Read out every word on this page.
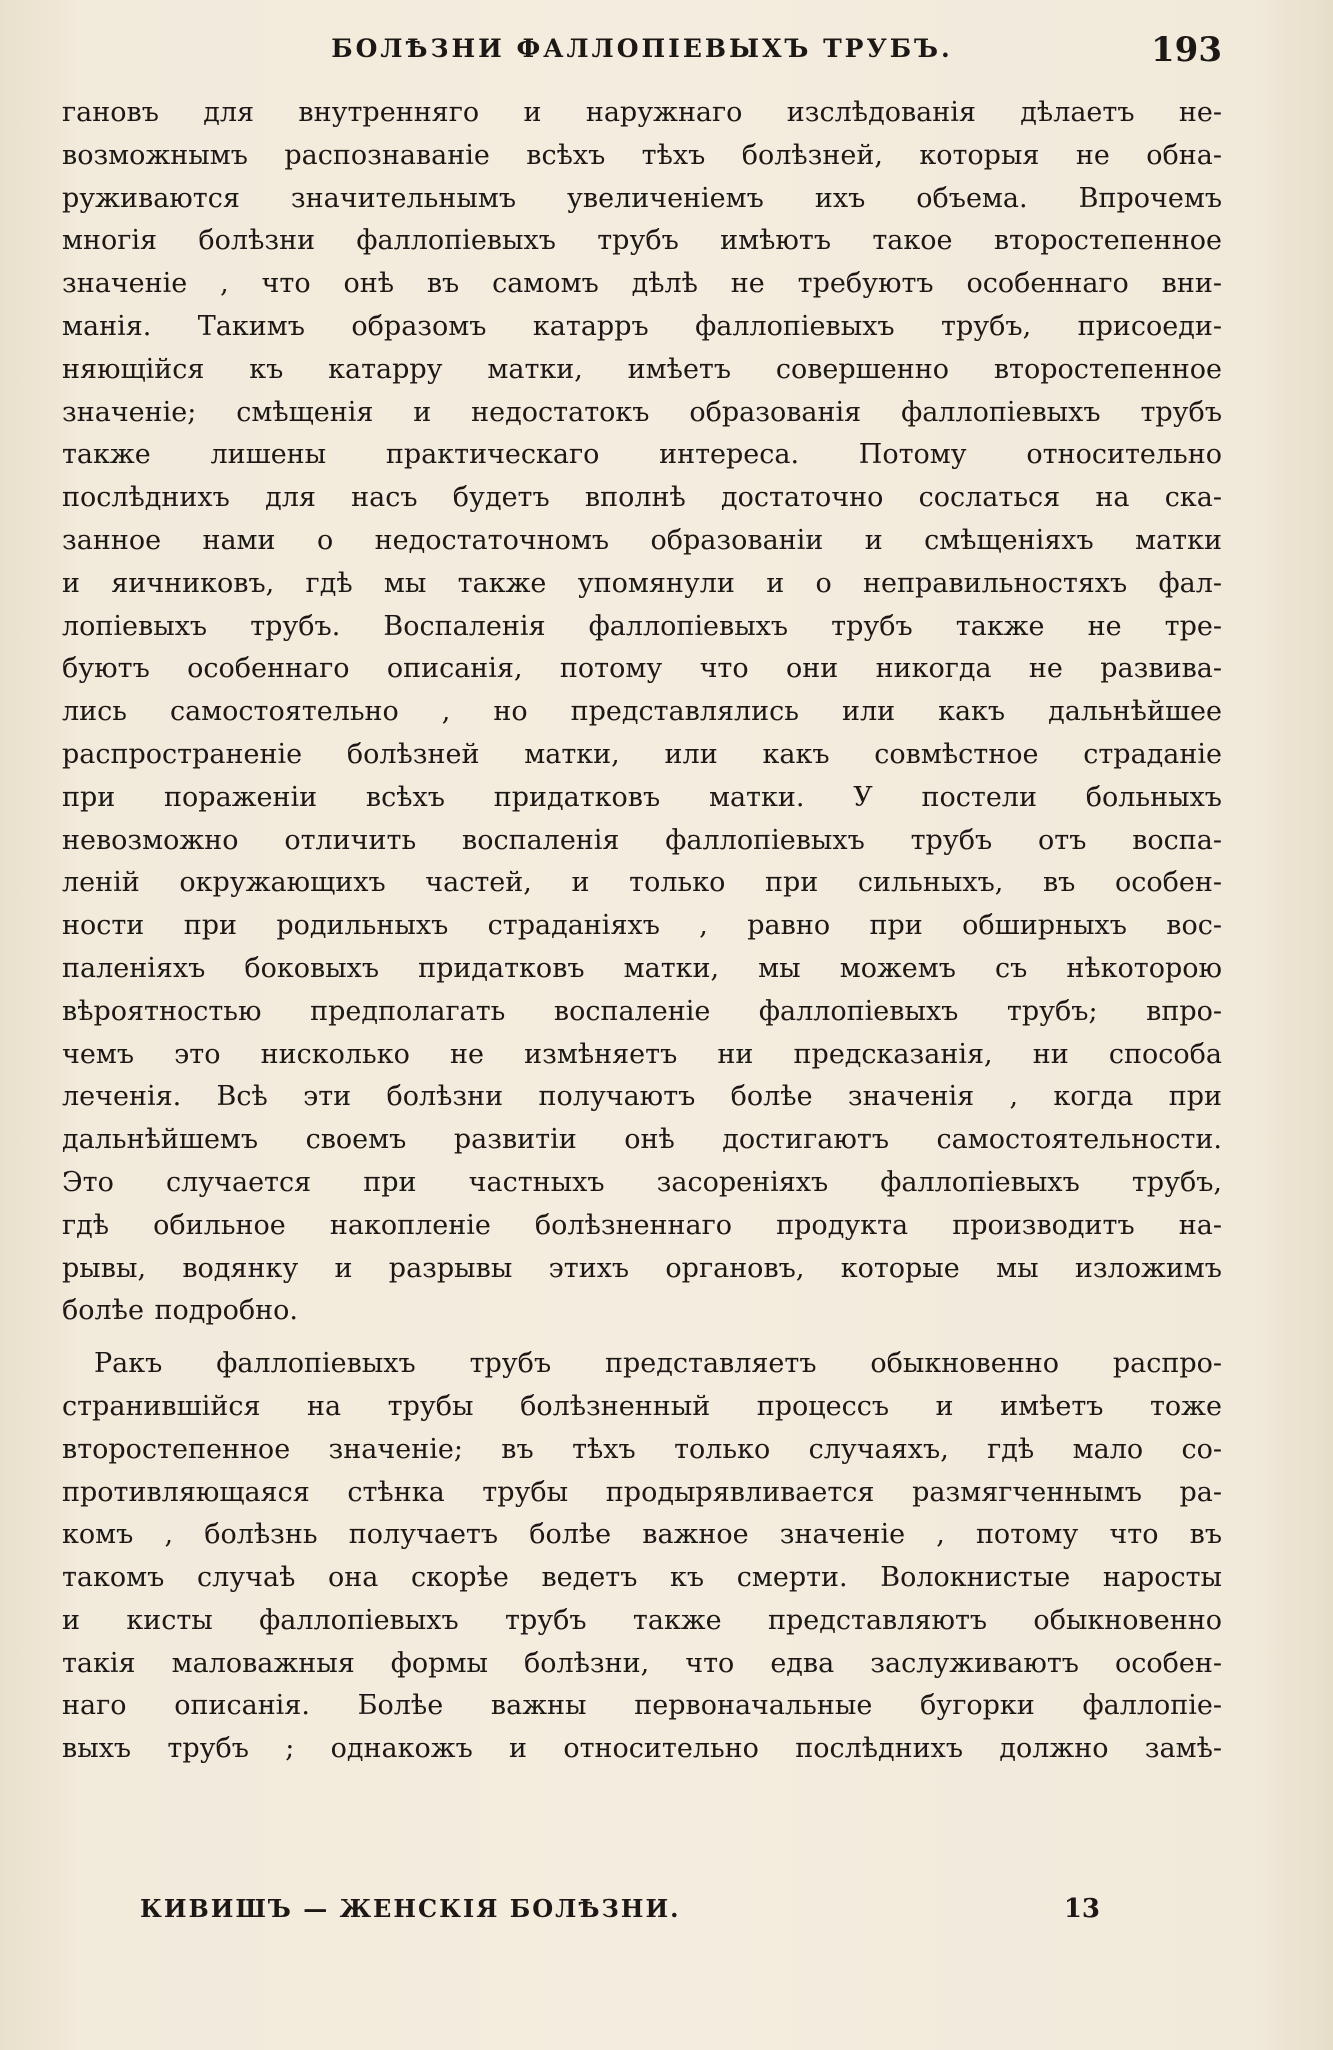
БОЛѢЗНИ ФАЛЛОПІЕВЫХЪ ТРУБЪ.	193
гановъ для внутренняго и наружнаго изслѣдованія дѣлаетъ не-
возможнымъ распознаваніе всѣхъ тѣхъ болѣзней, которыя не обна-
руживаются значительнымъ увеличеніемъ ихъ объема. Впрочемъ
многія болѣзни фаллопіевыхъ трубъ имѣютъ такое второстепенное
значеніе , что онѣ въ самомъ дѣлѣ не требуютъ особеннаго вни-
манія. Такимъ образомъ катарръ фаллопіевыхъ трубъ, присоеди-
няющійся къ катарру матки, имѣетъ совершенно второстепенное
значеніе; смѣщенія и недостатокъ образованія фаллопіевыхъ трубъ
также лишены практическаго интереса. Потому относительно
послѣднихъ для насъ будетъ вполнѣ достаточно сослаться на ска-
занное нами о недостаточномъ образованіи и смѣщеніяхъ матки
и яичниковъ, гдѣ мы также упомянули и о неправильностяхъ фал-
лопіевыхъ трубъ. Воспаленія фаллопіевыхъ трубъ также не тре-
буютъ особеннаго описанія, потому что они никогда не развива-
лись самостоятельно , но представлялись или какъ дальнѣйшее
распространеніе болѣзней матки, или какъ совмѣстное страданіе
при пораженіи всѣхъ придатковъ матки. У постели больныхъ
невозможно отличить воспаленія фаллопіевыхъ трубъ отъ воспа-
леній окружающихъ частей, и только при сильныхъ, въ особен-
ности при родильныхъ страданіяхъ , равно при обширныхъ вос-
паленіяхъ боковыхъ придатковъ матки, мы можемъ съ нѣкоторою
вѣроятностью предполагать воспаленіе фаллопіевыхъ трубъ; впро-
чемъ это нисколько не измѣняетъ ни предсказанія, ни способа
леченія. Всѣ эти болѣзни получаютъ болѣе значенія , когда при
дальнѣйшемъ своемъ развитіи онѣ достигаютъ самостоятельности.
Это случается при частныхъ засореніяхъ фаллопіевыхъ трубъ,
гдѣ обильное накопленіе болѣзненнаго продукта производитъ на-
рывы, водянку и разрывы этихъ органовъ, которые мы изложимъ
болѣе подробно.
Ракъ фаллопіевыхъ трубъ представляетъ обыкновенно распро-
странившійся на трубы болѣзненный процессъ и имѣетъ тоже
второстепенное значеніе; въ тѣхъ только случаяхъ, гдѣ мало со-
противляющаяся стѣнка трубы продырявливается размягченнымъ ра-
комъ , болѣзнь получаетъ болѣе важное значеніе , потому что въ
такомъ случаѣ она скорѣе ведетъ къ смерти. Волокнистые наросты
и кисты фаллопіевыхъ трубъ также представляютъ обыкновенно
такія маловажныя формы болѣзни, что едва заслуживаютъ особен-
наго описанія. Болѣе важны первоначальные бугорки фаллопіе-
выхъ трубъ ; однакожъ и относительно послѣднихъ должно замѣ-
КИВИШЪ — ЖЕНСКІЯ БОЛѢЗНИ.	13
